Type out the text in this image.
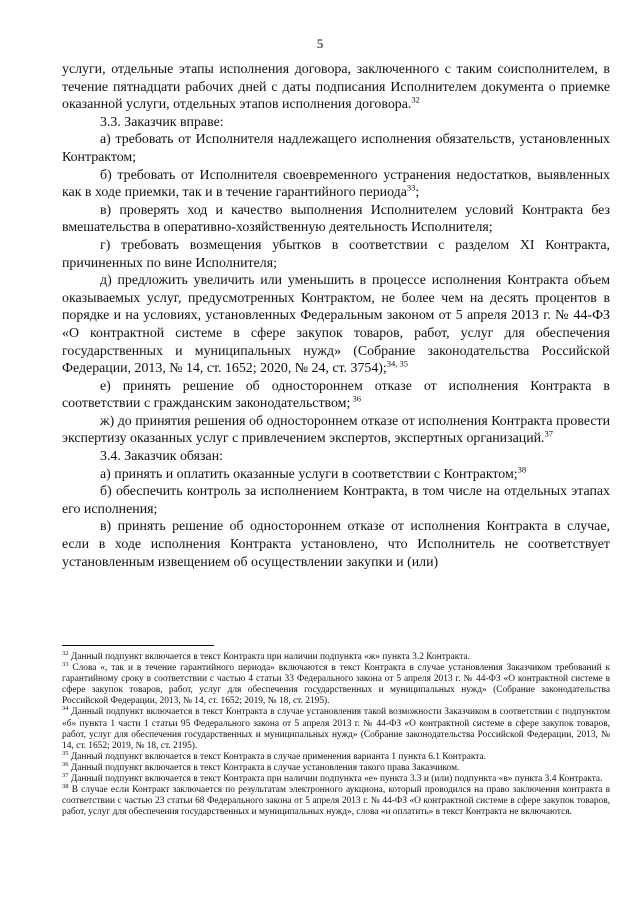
5

услуги, отдельные этапы исполнения договора, заключенного с таким соисполнителем, в течение пятнадцати рабочих дней с даты подписания Исполнителем документа о приемке оказанной услуги, отдельных этапов исполнения договора.$^{32}$

3.3. Заказчик вправе:

а) требовать от Исполнителя надлежащего исполнения обязательств, установленных Контрактом;

б) требовать от Исполнителя своевременного устранения недостатков, выявленных как в ходе приемки, так и в течение гарантийного периода$^{33}$;

в) проверять ход и качество выполнения Исполнителем условий Контракта без вмешательства в оперативно-хозяйственную деятельность Исполнителя;

г) требовать возмещения убытков в соответствии с разделом XI Контракта, причиненных по вине Исполнителя;

д) предложить увеличить или уменьшить в процессе исполнения Контракта объем оказываемых услуг, предусмотренных Контрактом, не более чем на десять процентов в порядке и на условиях, установленных Федеральным законом от 5 апреля 2013 г. № 44-ФЗ «О контрактной системе в сфере закупок товаров, работ, услуг для обеспечения государственных и муниципальных нужд» (Собрание законодательства Российской Федерации, 2013, № 14, ст. 1652; 2020, № 24, ст. 3754);$^{34, 35}$

е) принять решение об одностороннем отказе от исполнения Контракта в соответствии с гражданским законодательством; $^{36}$

ж) до принятия решения об одностороннем отказе от исполнения Контракта провести экспертизу оказанных услуг с привлечением экспертов, экспертных организаций.$^{37}$

3.4. Заказчик обязан:

а) принять и оплатить оказанные услуги в соответствии с Контрактом;$^{38}$

б) обеспечить контроль за исполнением Контракта, в том числе на отдельных этапах его исполнения;

в) принять решение об одностороннем отказе от исполнения Контракта в случае, если в ходе исполнения Контракта установлено, что Исполнитель не соответствует установленным извещением об осуществлении закупки и (или)

$^{32}$ Данный подпункт включается в текст Контракта при наличии подпункта «ж» пункта 3.2 Контракта.

$^{33}$ Слова «, так и в течение гарантийного периода» включаются в текст Контракта в случае установления Заказчиком требований к гарантийному сроку в соответствии с частью 4 статьи 33 Федерального закона от 5 апреля 2013 г. № 44-ФЗ «О контрактной системе в сфере закупок товаров, работ, услуг для обеспечения государственных и муниципальных нужд» (Собрание законодательства Российской Федерации, 2013, № 14, ст. 1652; 2019, № 18, ст. 2195).

$^{34}$ Данный подпункт включается в текст Контракта в случае установления такой возможности Заказчиком в соответствии с подпунктом «б» пункта 1 части 1 статьи 95 Федерального закона от 5 апреля 2013 г. № 44-ФЗ «О контрактной системе в сфере закупок товаров, работ, услуг для обеспечения государственных и муниципальных нужд» (Собрание законодательства Российской Федерации, 2013, № 14, ст. 1652; 2019, № 18, ст. 2195).

$^{35}$ Данный подпункт включается в текст Контракта в случае применения варианта 1 пункта 6.1 Контракта.

$^{36}$ Данный подпункт включается в текст Контракта в случае установления такого права Заказчиком.

$^{37}$ Данный подпункт включается в текст Контракта при наличии подпункта «е» пункта 3.3 и (или) подпункта «в» пункта 3.4 Контракта.

$^{38}$ В случае если Контракт заключается по результатам электронного аукциона, который проводился на право заключения контракта в соответствии с частью 23 статьи 68 Федерального закона от 5 апреля 2013 г. № 44-ФЗ «О контрактной системе в сфере закупок товаров, работ, услуг для обеспечения государственных и муниципальных нужд», слова «и оплатить» в текст Контракта не включаются.
